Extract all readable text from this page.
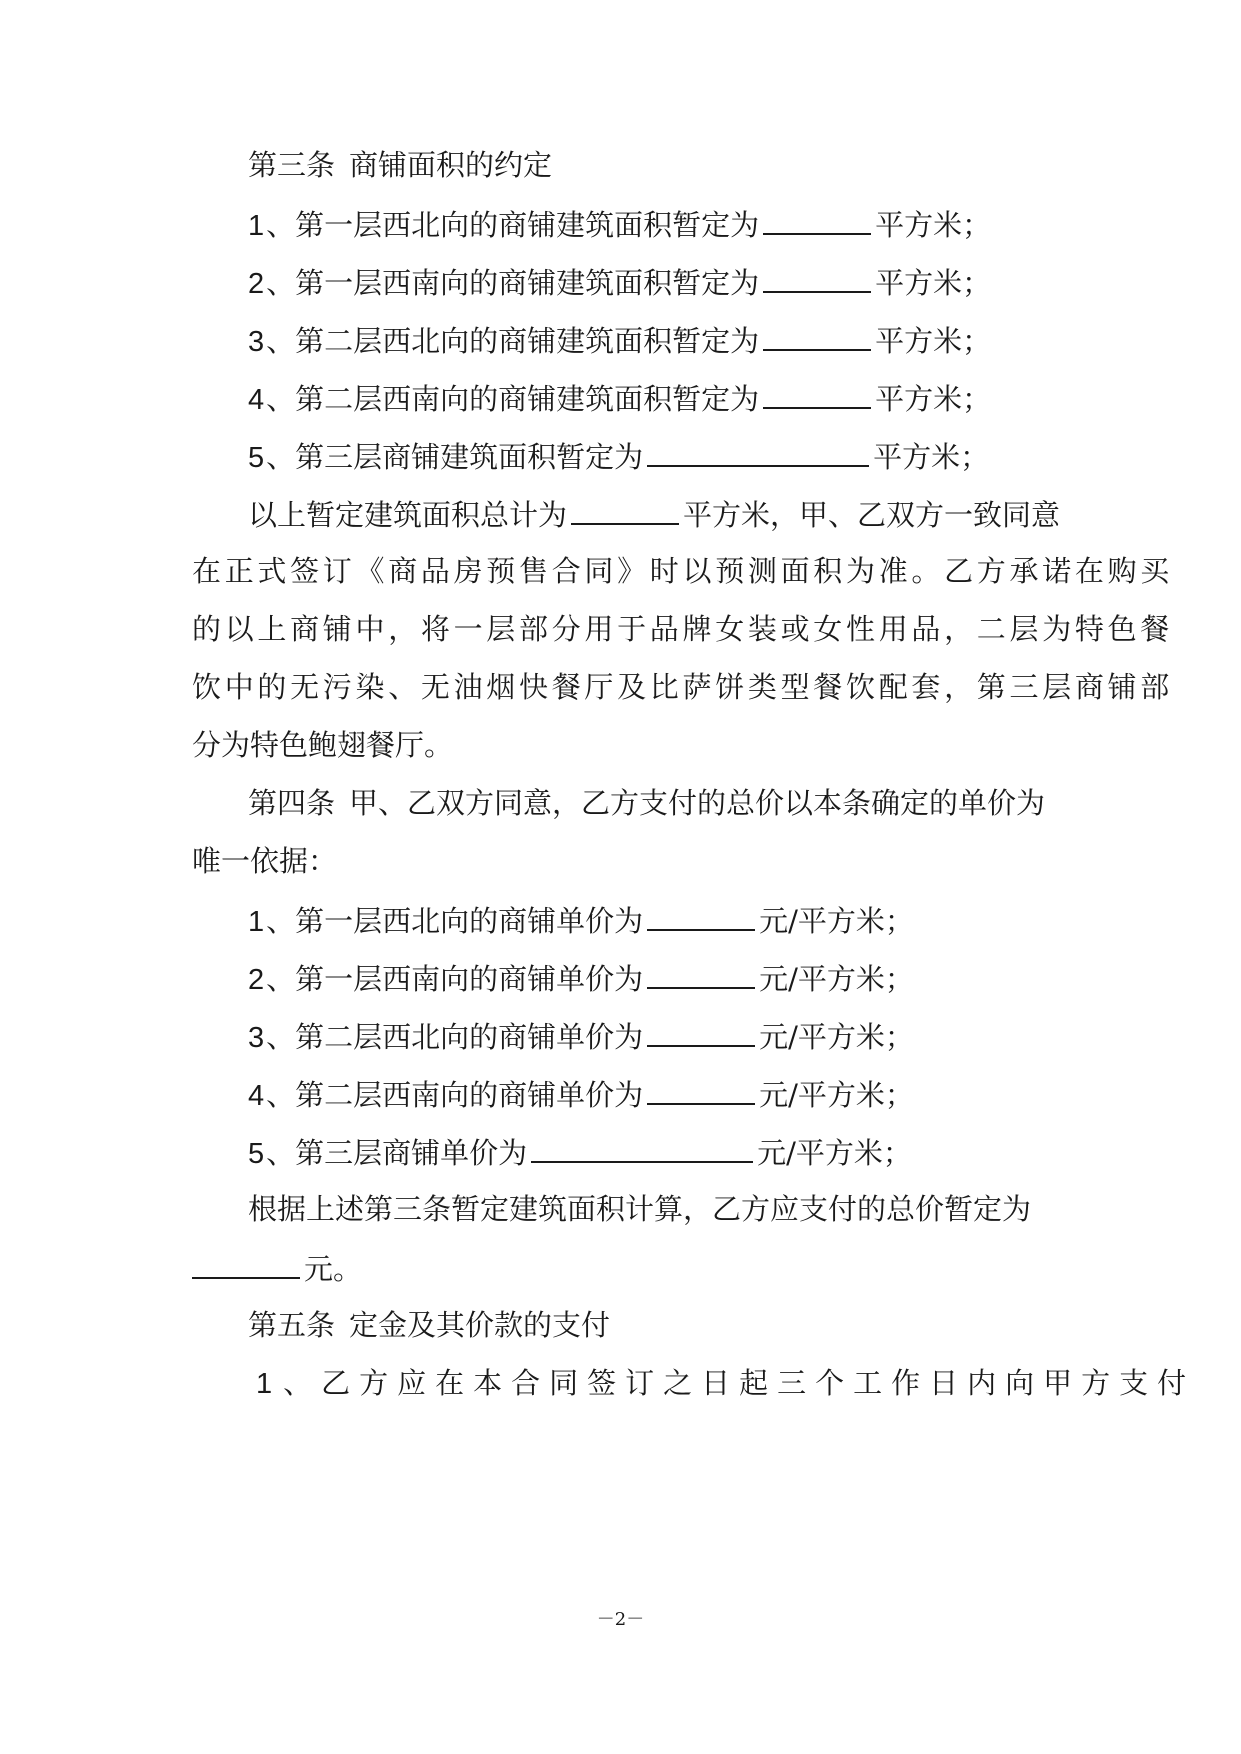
第三条 商铺面积的约定
1、第一层西北向的商铺建筑面积暂定为	平方米；
2、第一层西南向的商铺建筑面积暂定为	平方米；
3、第二层西北向的商铺建筑面积暂定为	平方米；
4、第二层西南向的商铺建筑面积暂定为	平方米；
5、第三层商铺建筑面积暂定为	平方米；
以上暂定建筑面积总计为	平方米，甲、乙双方一致同意
在正式签订《商品房预售合同》时以预测面积为准。乙方承诺在购买
的以上商铺中，将一层部分用于品牌女装或女性用品，二层为特色餐
饮中的无污染、无油烟快餐厅及比萨饼类型餐饮配套，第三层商铺部
分为特色鲍翅餐厅。
第四条 甲、乙双方同意，乙方支付的总价以本条确定的单价为
唯一依据：
1、第一层西北向的商铺单价为	元/平方米；
2、第一层西南向的商铺单价为	元/平方米；
3、第二层西北向的商铺单价为	元/平方米；
4、第二层西南向的商铺单价为	元/平方米；
5、第三层商铺单价为	元/平方米；
根据上述第三条暂定建筑面积计算，乙方应支付的总价暂定为
元。
第五条 定金及其价款的支付
1、乙方应在本合同签订之日起三个工作日内向甲方支付
－2－
